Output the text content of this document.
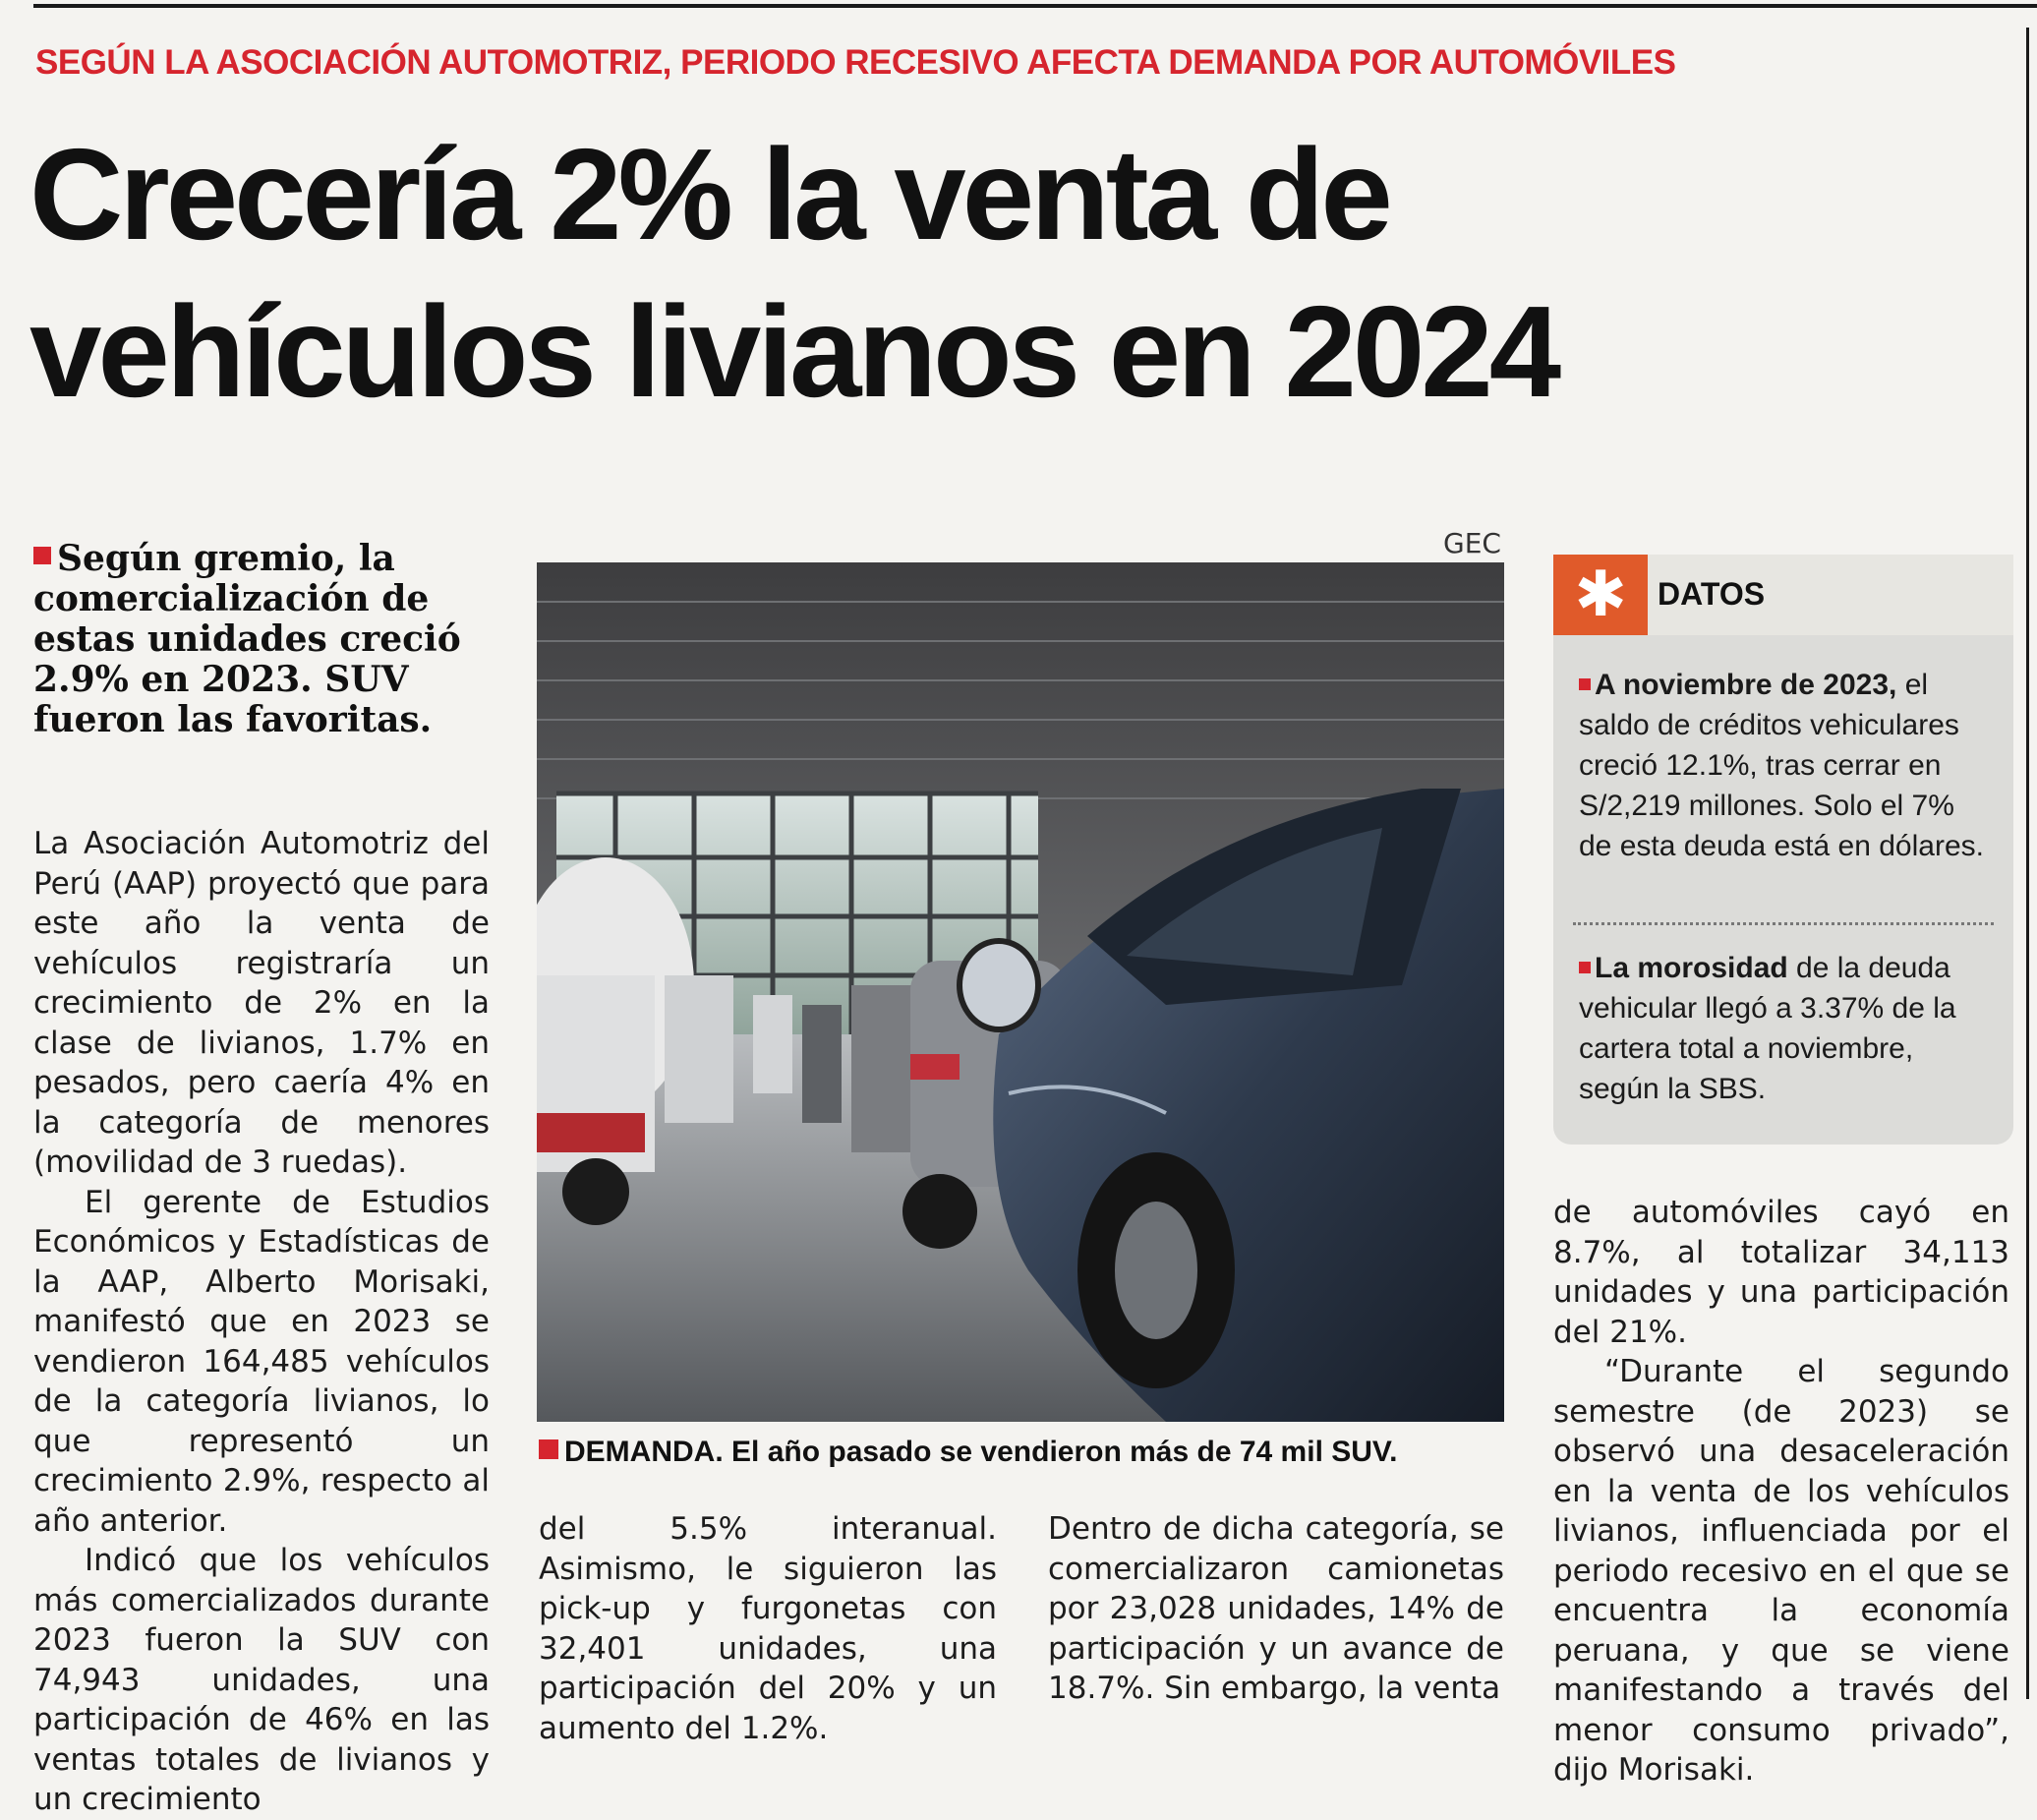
SEGÚN LA ASOCIACIÓN AUTOMOTRIZ, PERIODO RECESIVO AFECTA DEMANDA POR AUTOMÓVILES
Crecería 2% la venta de
vehículos livianos en 2024
Según gremio, la comercialización de estas unidades creció 2.9% en 2023. SUV fueron las favoritas.

La Asociación Automotriz del Perú (AAP) proyectó que para este año la venta de vehículos registraría un crecimiento de 2% en la clase de livianos, 1.7% en pesados, pero caería 4% en la categoría de menores (movilidad de 3 ruedas).

El gerente de Estudios Económicos y Estadísticas de la AAP, Alberto Morisaki, manifestó que en 2023 se vendieron 164,485 vehículos de la categoría livianos, lo que representó un crecimiento 2.9%, respecto al año anterior.

Indicó que los vehículos más comercializados durante 2023 fueron la SUV con 74,943 unidades, una participación de 46% en las ventas totales de livianos y un crecimiento

GEC
DEMANDA. El año pasado se vendieron más de 74 mil SUV.
✱ DATOS
A noviembre de 2023, el saldo de créditos vehiculares creció 12.1%, tras cerrar en S/2,219 millones. Solo el 7% de esta deuda está en dólares.
La morosidad de la deuda vehicular llegó a 3.37% de la cartera total a noviembre, según la SBS.

del 5.5% interanual. Asimismo, le siguieron las pick-up y furgonetas con 32,401 unidades, una participación del 20% y un aumento del 1.2%.

Dentro de dicha categoría, se comercializaron camionetas por 23,028 unidades, 14% de participación y un avance de 18.7%. Sin embargo, la venta

de automóviles cayó en 8.7%, al totalizar 34,113 unidades y una participación del 21%.

“Durante el segundo semestre (de 2023) se observó una desaceleración en la venta de los vehículos livianos, influenciada por el periodo recesivo en el que se encuentra la economía peruana, y que se viene manifestando a través del menor consumo privado”, dijo Morisaki.
